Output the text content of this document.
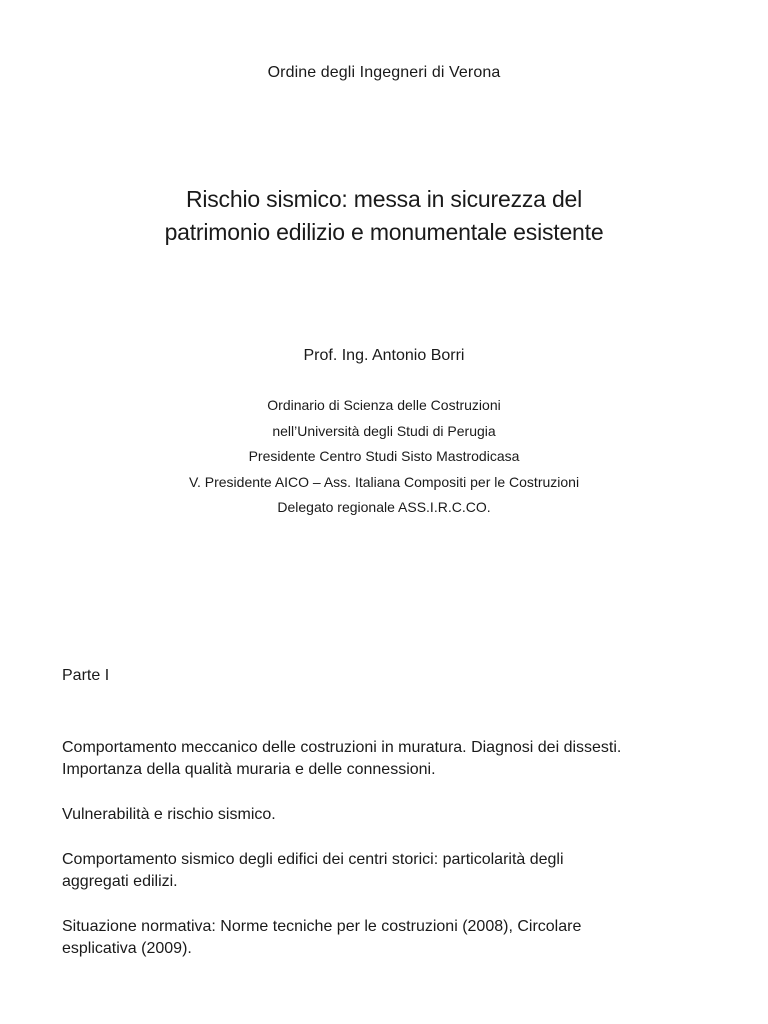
Ordine degli Ingegneri di Verona
Rischio sismico: messa in sicurezza del
patrimonio edilizio e monumentale esistente
Prof. Ing. Antonio Borri
Ordinario di Scienza delle Costruzioni
nell’Università degli Studi di Perugia
Presidente Centro Studi Sisto Mastrodicasa
V. Presidente AICO – Ass. Italiana Compositi per le Costruzioni
Delegato regionale ASS.I.R.C.CO.
Parte I
Comportamento meccanico delle costruzioni in muratura. Diagnosi dei dissesti.
Importanza della qualità muraria e delle connessioni.
Vulnerabilità e rischio sismico.
Comportamento sismico degli edifici dei centri storici: particolarità degli
aggregati edilizi.
Situazione normativa: Norme tecniche per le costruzioni (2008), Circolare
esplicativa (2009).
